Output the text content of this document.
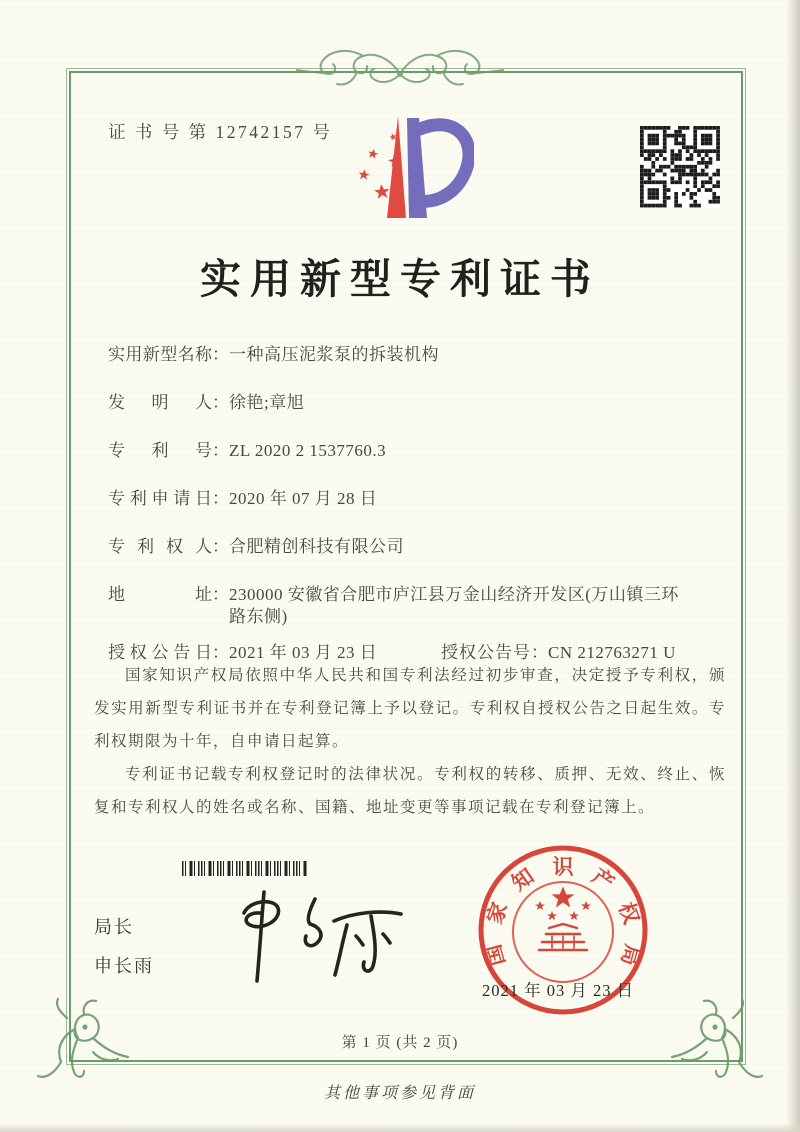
证 书 号 第 12742157 号
实用新型专利证书
实用新型名称 ： 一种高压泥浆泵的拆装机构
发明人 ： 徐艳;章旭
专利号 ： ZL 2020 2 1537760.3
专利申请日 ： 2020 年 07 月 28 日
专利权人 ： 合肥精创科技有限公司
地址 ： 230000 安徽省合肥市庐江县万金山经济开发区(万山镇三环路东侧)
授权公告日 ： 2021 年 03 月 23 日	授权公告号 ： CN 212763271 U

国家知识产权局依照中华人民共和国专利法经过初步审查，决定授予专利权，颁发实用新型专利证书并在专利登记簿上予以登记。专利权自授权公告之日起生效。专利权期限为十年，自申请日起算。

专利证书记载专利权登记时的法律状况。专利权的转移、质押、无效、终止、恢复和专利权人的姓名或名称、国籍、地址变更等事项记载在专利登记簿上。

局长
申长雨	国
家
知 识 产
权
局
2021 年 03 月 23 日
第 1 页 (共 2 页)
其他事项参见背面
